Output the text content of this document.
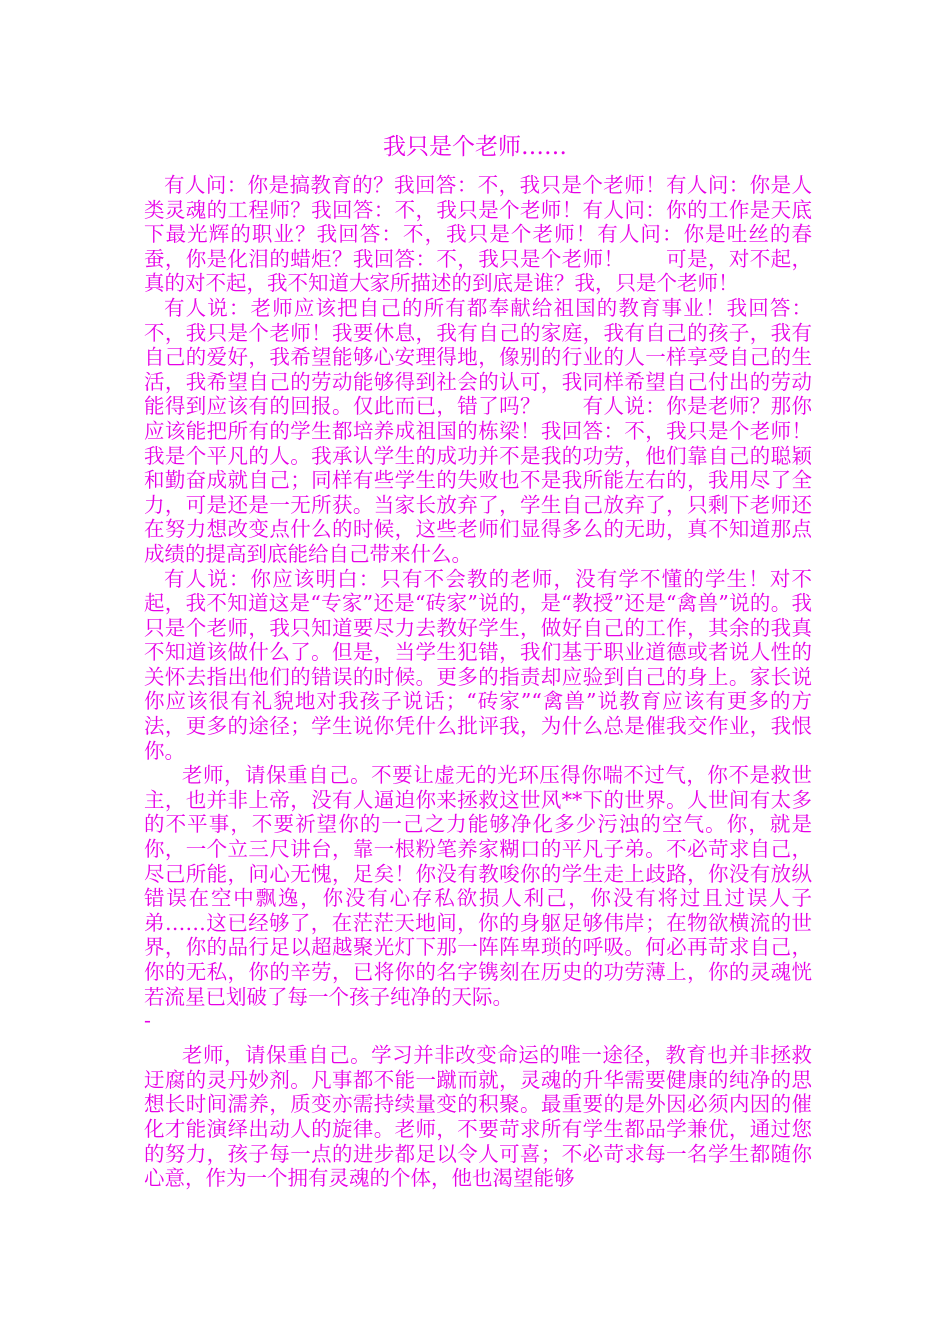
我只是个老师……

有人问：你是搞教育的？我回答：不，我只是个老师！有人问：你是人类灵魂的工程师？我回答：不，我只是个老师！有人问：你的工作是天底下最光辉的职业？我回答：不，我只是个老师！有人问：你是吐丝的春蚕，你是化泪的蜡炬？我回答：不，我只是个老师！　　可是，对不起，真的对不起，我不知道大家所描述的到底是谁？我，只是个老师！

有人说：老师应该把自己的所有都奉献给祖国的教育事业！我回答：不，我只是个老师！我要休息，我有自己的家庭，我有自己的孩子，我有自己的爱好，我希望能够心安理得地，像别的行业的人一样享受自己的生活，我希望自己的劳动能够得到社会的认可，我同样希望自己付出的劳动能得到应该有的回报。仅此而已，错了吗？　　有人说：你是老师？那你应该能把所有的学生都培养成祖国的栋梁！我回答：不，我只是个老师！我是个平凡的人。我承认学生的成功并不是我的功劳，他们靠自己的聪颖和勤奋成就自己；同样有些学生的失败也不是我所能左右的，我用尽了全力，可是还是一无所获。当家长放弃了，学生自己放弃了，只剩下老师还在努力想改变点什么的时候，这些老师们显得多么的无助，真不知道那点成绩的提高到底能给自己带来什么。

有人说：你应该明白：只有不会教的老师，没有学不懂的学生！对不起，我不知道这是“专家”还是“砖家”说的，是“教授”还是“禽兽”说的。我只是个老师，我只知道要尽力去教好学生，做好自己的工作，其余的我真不知道该做什么了。但是，当学生犯错，我们基于职业道德或者说人性的关怀去指出他们的错误的时候。更多的指责却应验到自己的身上。家长说你应该很有礼貌地对我孩子说话；“砖家”“禽兽”说教育应该有更多的方法，更多的途径；学生说你凭什么批评我，为什么总是催我交作业，我恨你。

老师，请保重自己。不要让虚无的光环压得你喘不过气，你不是救世主，也并非上帝，没有人逼迫你来拯救这世风**下的世界。人世间有太多的不平事，不要祈望你的一己之力能够净化多少污浊的空气。你，就是你，一个立三尺讲台，靠一根粉笔养家糊口的平凡子弟。不必苛求自己，尽己所能，问心无愧，足矣！你没有教唆你的学生走上歧路，你没有放纵错误在空中飘逸，你没有心存私欲损人利己，你没有将过且过误人子弟……这已经够了，在茫茫天地间，你的身躯足够伟岸；在物欲横流的世界，你的品行足以超越聚光灯下那一阵阵卑琐的呼吸。何必再苛求自己，你的无私，你的辛劳，已将你的名字镌刻在历史的功劳薄上，你的灵魂恍若流星已划破了每一个孩子纯净的天际。

-

老师，请保重自己。学习并非改变命运的唯一途径，教育也并非拯救迂腐的灵丹妙剂。凡事都不能一蹴而就，灵魂的升华需要健康的纯净的思想长时间濡养，质变亦需持续量变的积聚。最重要的是外因必须内因的催化才能演绎出动人的旋律。老师，不要苛求所有学生都品学兼优，通过您的努力，孩子每一点的进步都足以令人可喜；不必苛求每一名学生都随你心意，作为一个拥有灵魂的个体，他也渴望能够
